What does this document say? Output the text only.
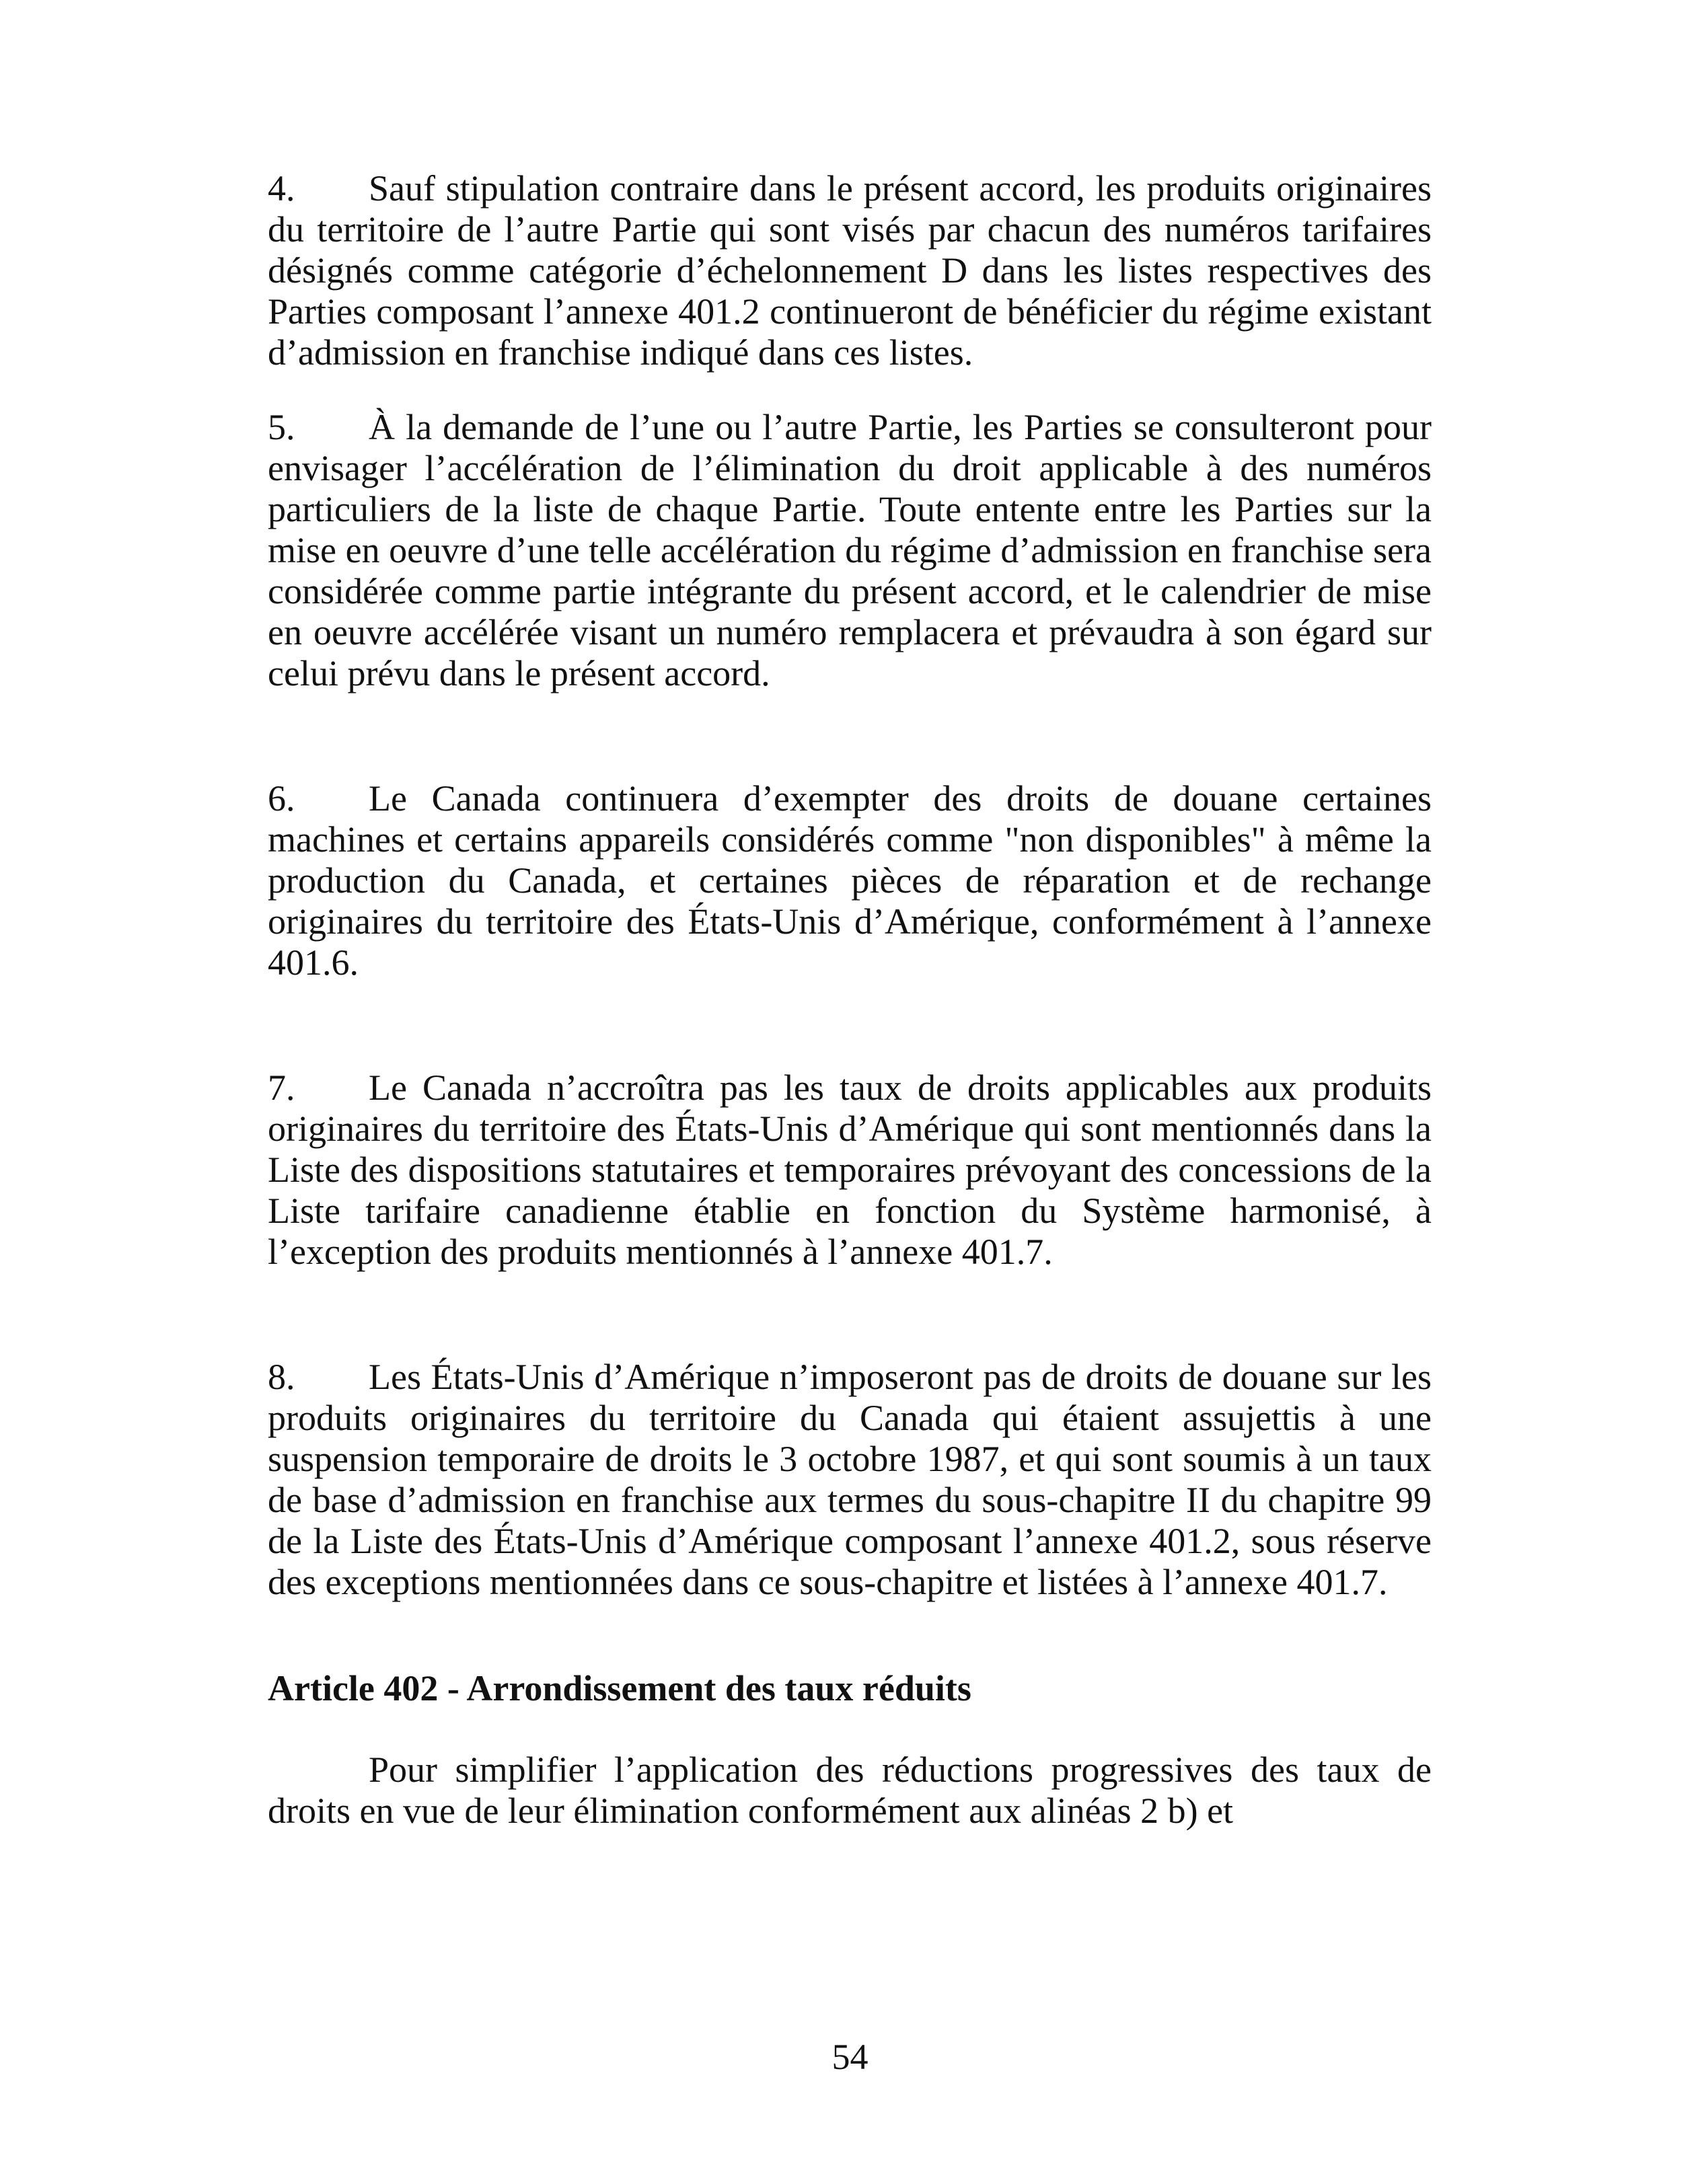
4. Sauf stipulation contraire dans le présent accord, les produits originaires du territoire de l’autre Partie qui sont visés par chacun des numéros tarifaires désignés comme catégorie d’échelonnement D dans les listes respectives des Parties composant l’annexe 401.2 continueront de bénéficier du régime existant d’admission en franchise indiqué dans ces listes.

5. À la demande de l’une ou l’autre Partie, les Parties se consulteront pour envisager l’accélération de l’élimination du droit applicable à des numéros particuliers de la liste de chaque Partie. Toute entente entre les Parties sur la mise en oeuvre d’une telle accélération du régime d’admission en franchise sera considérée comme partie intégrante du présent accord, et le calendrier de mise en oeuvre accélérée visant un numéro remplacera et prévaudra à son égard sur celui prévu dans le présent accord.

6. Le Canada continuera d’exempter des droits de douane certaines machines et certains appareils considérés comme "non disponibles" à même la production du Canada, et certaines pièces de réparation et de rechange originaires du territoire des États-Unis d’Amérique, conformément à l’annexe 401.6.

7. Le Canada n’accroîtra pas les taux de droits applicables aux produits originaires du territoire des États-Unis d’Amérique qui sont mentionnés dans la Liste des dispositions statutaires et temporaires prévoyant des concessions de la Liste tarifaire canadienne établie en fonction du Système harmonisé, à l’exception des produits mentionnés à l’annexe 401.7.

8. Les États-Unis d’Amérique n’imposeront pas de droits de douane sur les produits originaires du territoire du Canada qui étaient assujettis à une suspension temporaire de droits le 3 octobre 1987, et qui sont soumis à un taux de base d’admission en franchise aux termes du sous-chapitre II du chapitre 99 de la Liste des États-Unis d’Amérique composant l’annexe 401.2, sous réserve des exceptions mentionnées dans ce sous-chapitre et listées à l’annexe 401.7.

Article 402 - Arrondissement des taux réduits

Pour simplifier l’application des réductions progressives des taux de droits en vue de leur élimination conformément aux alinéas 2 b) et

54
